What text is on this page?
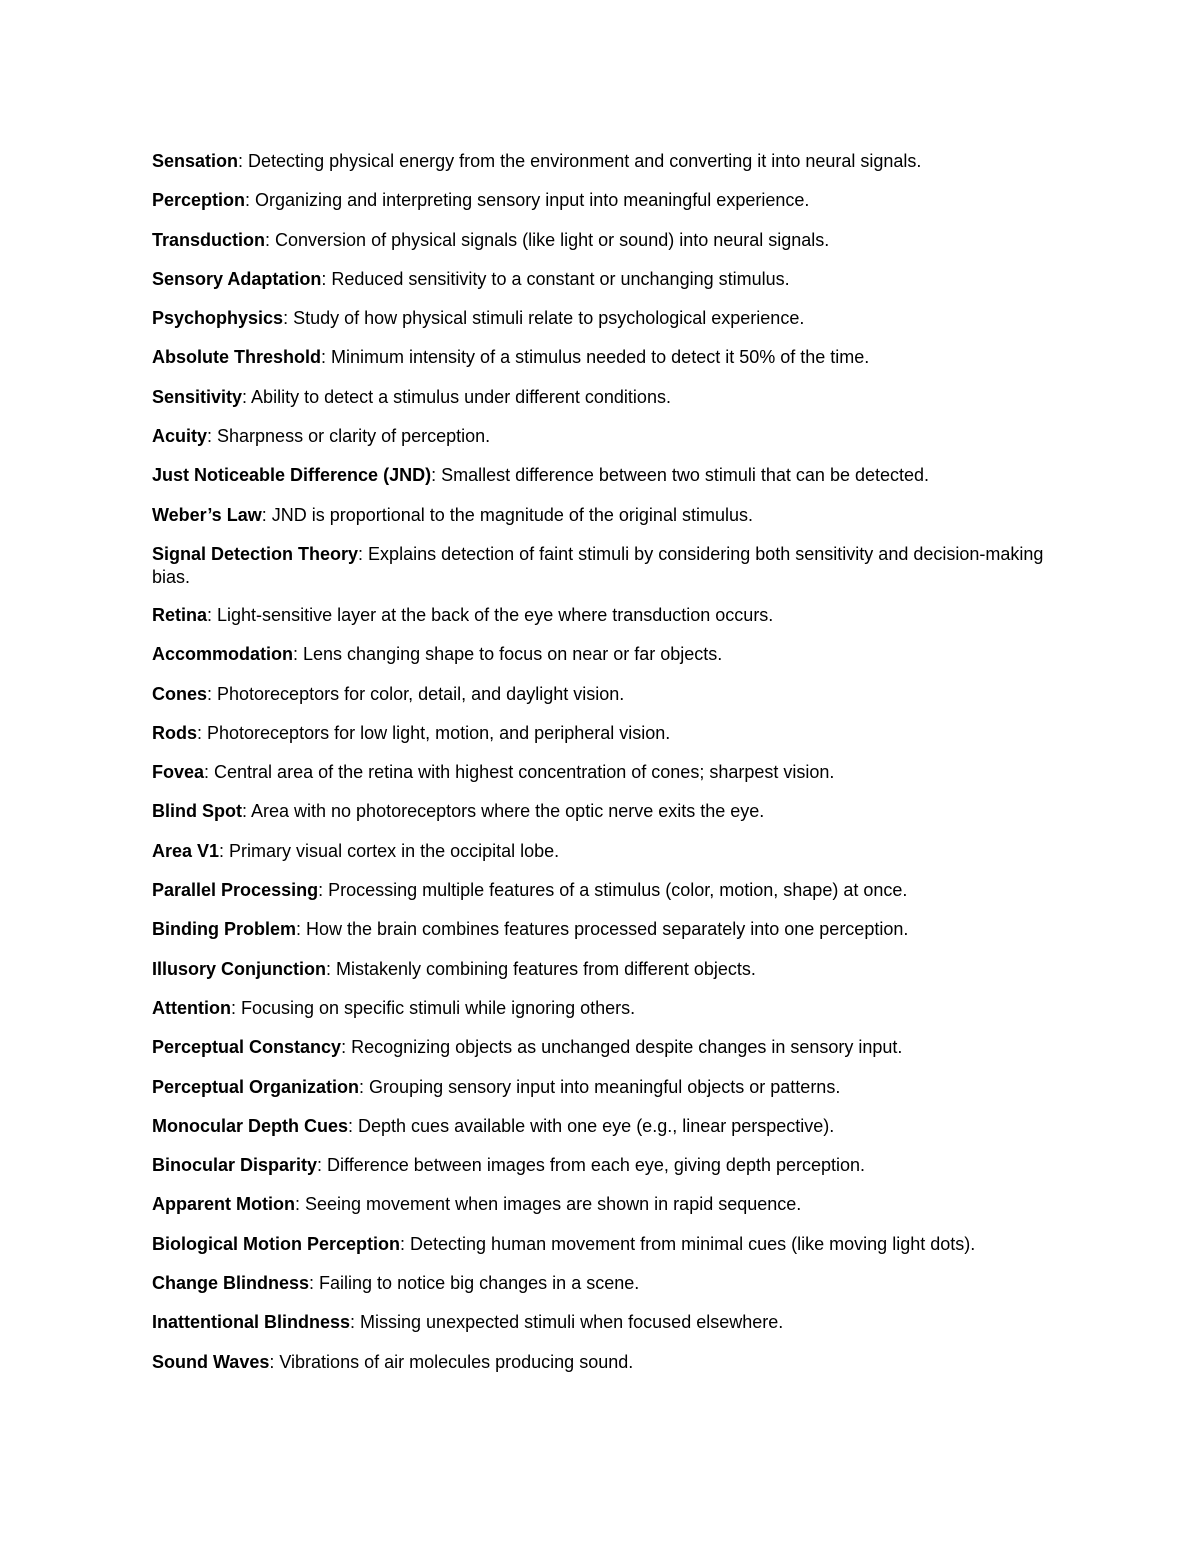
Sensation: Detecting physical energy from the environment and converting it into neural signals.
Perception: Organizing and interpreting sensory input into meaningful experience.
Transduction: Conversion of physical signals (like light or sound) into neural signals.
Sensory Adaptation: Reduced sensitivity to a constant or unchanging stimulus.
Psychophysics: Study of how physical stimuli relate to psychological experience.
Absolute Threshold: Minimum intensity of a stimulus needed to detect it 50% of the time.
Sensitivity: Ability to detect a stimulus under different conditions.
Acuity: Sharpness or clarity of perception.
Just Noticeable Difference (JND): Smallest difference between two stimuli that can be detected.
Weber’s Law: JND is proportional to the magnitude of the original stimulus.
Signal Detection Theory: Explains detection of faint stimuli by considering both sensitivity and decision-making bias.
Retina: Light-sensitive layer at the back of the eye where transduction occurs.
Accommodation: Lens changing shape to focus on near or far objects.
Cones: Photoreceptors for color, detail, and daylight vision.
Rods: Photoreceptors for low light, motion, and peripheral vision.
Fovea: Central area of the retina with highest concentration of cones; sharpest vision.
Blind Spot: Area with no photoreceptors where the optic nerve exits the eye.
Area V1: Primary visual cortex in the occipital lobe.
Parallel Processing: Processing multiple features of a stimulus (color, motion, shape) at once.
Binding Problem: How the brain combines features processed separately into one perception.
Illusory Conjunction: Mistakenly combining features from different objects.
Attention: Focusing on specific stimuli while ignoring others.
Perceptual Constancy: Recognizing objects as unchanged despite changes in sensory input.
Perceptual Organization: Grouping sensory input into meaningful objects or patterns.
Monocular Depth Cues: Depth cues available with one eye (e.g., linear perspective).
Binocular Disparity: Difference between images from each eye, giving depth perception.
Apparent Motion: Seeing movement when images are shown in rapid sequence.
Biological Motion Perception: Detecting human movement from minimal cues (like moving light dots).
Change Blindness: Failing to notice big changes in a scene.
Inattentional Blindness: Missing unexpected stimuli when focused elsewhere.
Sound Waves: Vibrations of air molecules producing sound.
